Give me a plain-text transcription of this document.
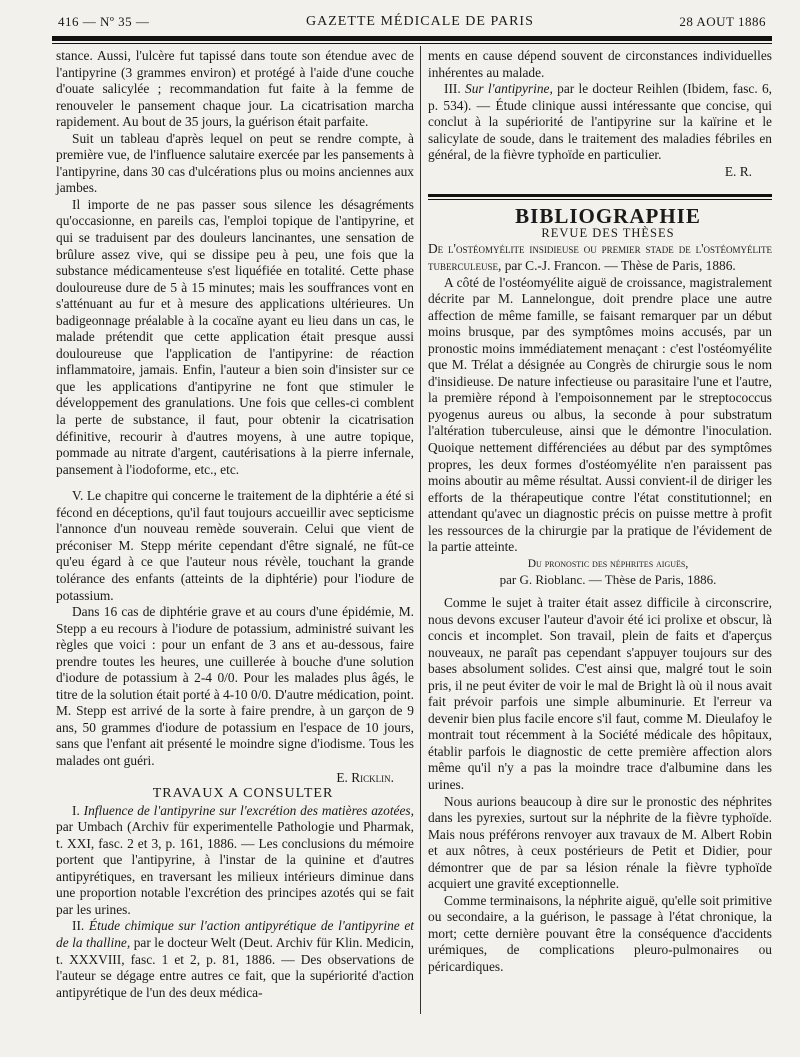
416 — Nº 35 —	GAZETTE MÉDICALE DE PARIS	28 AOUT 1886

stance. Aussi, l'ulcère fut tapissé dans toute son étendue avec de l'antipyrine (3 grammes environ) et protégé à l'aide d'une couche d'ouate salicylée ; recommandation fut faite à la femme de renouveler le pansement chaque jour. La cicatrisation marcha rapidement. Au bout de 35 jours, la guérison était parfaite.

Suit un tableau d'après lequel on peut se rendre compte, à première vue, de l'influence salutaire exercée par les pansements à l'antipyrine, dans 30 cas d'ulcérations plus ou moins anciennes aux jambes.

Il importe de ne pas passer sous silence les désagréments qu'occasionne, en pareils cas, l'emploi topique de l'antipyrine, et qui se traduisent par des douleurs lancinantes, une sensation de brûlure assez vive, qui se dissipe peu à peu, une fois que la substance médicamenteuse s'est liquéfiée en totalité. Cette phase douloureuse dure de 5 à 15 minutes; mais les souffrances vont en s'atténuant au fur et à mesure des applications ultérieures. Un badigeonnage préalable à la cocaïne ayant eu lieu dans un cas, le malade prétendit que cette application était presque aussi douloureuse que l'application de l'antipyrine: de réaction inflammatoire, jamais. Enfin, l'auteur a bien soin d'insister sur ce que les applications d'antipyrine ne font que stimuler le développement des granulations. Une fois que celles-ci comblent la perte de substance, il faut, pour obtenir la cicatrisation définitive, recourir à d'autres moyens, à une autre topique, pommade au nitrate d'argent, cautérisations à la pierre infernale, pansement à l'iodoforme, etc., etc.

V. Le chapitre qui concerne le traitement de la diphtérie a été si fécond en déceptions, qu'il faut toujours accueillir avec septicisme l'annonce d'un nouveau remède souverain. Celui que vient de préconiser M. Stepp mérite cependant d'être signalé, ne fût-ce qu'eu égard à ce que l'auteur nous révèle, touchant la grande tolérance des enfants (atteints de la diphtérie) pour l'iodure de potassium.

Dans 16 cas de diphtérie grave et au cours d'une épidémie, M. Stepp a eu recours à l'iodure de potassium, administré suivant les règles que voici : pour un enfant de 3 ans et au-dessous, faire prendre toutes les heures, une cuillerée à bouche d'une solution d'iodure de potassium à 2-4 0/0. Pour les malades plus âgés, le titre de la solution était porté à 4-10 0/0. D'autre médication, point. M. Stepp est arrivé de la sorte à faire prendre, à un garçon de 9 ans, 50 grammes d'iodure de potassium en l'espace de 10 jours, sans que l'enfant ait présenté le moindre signe d'iodisme. Tous les malades ont guéri.

E. Ricklin.

TRAVAUX A CONSULTER

I. Influence de l'antipyrine sur l'excrétion des matières azotées, par Umbach (Archiv für experimentelle Pathologie und Pharmak, t. XXI, fasc. 2 et 3, p. 161, 1886. — Les conclusions du mémoire portent que l'antipyrine, à l'instar de la quinine et d'autres antipyrétiques, en traversant les milieux intérieurs diminue dans une proportion notable l'excrétion des principes azotés qui se fait par les urines.

II. Étude chimique sur l'action antipyrétique de l'antipyrine et de la thalline, par le docteur Welt (Deut. Archiv für Klin. Medicin, t. XXXVIII, fasc. 1 et 2, p. 81, 1886. — Des observations de l'auteur se dégage entre autres ce fait, que la supériorité d'action antipyrétique de l'un des deux médica-

ments en cause dépend souvent de circonstances individuelles inhérentes au malade.

III. Sur l'antipyrine, par le docteur Reihlen (Ibidem, fasc. 6, p. 534). — Étude clinique aussi intéressante que concise, qui conclut à la supériorité de l'antipyrine sur la kaïrine et le salicylate de soude, dans le traitement des maladies fébriles en général, de la fièvre typhoïde en particulier.

E. R.

BIBLIOGRAPHIE

REVUE DES THÈSES

De l'ostéomyélite insidieuse ou premier stade de l'ostéomyélite tuberculeuse, par C.-J. Francon. — Thèse de Paris, 1886.

A côté de l'ostéomyélite aiguë de croissance, magistralement décrite par M. Lannelongue, doit prendre place une autre affection de même famille, se faisant remarquer par un début moins brusque, par des symptômes moins accusés, par un pronostic moins immédiatement menaçant : c'est l'ostéomyélite que M. Trélat a désignée au Congrès de chirurgie sous le nom d'insidieuse. De nature infectieuse ou parasitaire l'une et l'autre, la première répond à l'empoisonnement par le streptococcus pyogenus aureus ou albus, la seconde à pour substratum l'altération tuberculeuse, ainsi que le démontre l'inoculation. Quoique nettement différenciées au début par des symptômes propres, les deux formes d'ostéomyélite n'en paraissent pas moins aboutir au même résultat. Aussi convient-il de diriger les efforts de la thérapeutique contre l'état constitutionnel; en attendant qu'avec un diagnostic précis on puisse mettre à profit les ressources de la chirurgie par la pratique de l'évidement de la partie atteinte.

Du pronostic des néphrites aiguës,

par G. Rioblanc. — Thèse de Paris, 1886.

Comme le sujet à traiter était assez difficile à circonscrire, nous devons excuser l'auteur d'avoir été ici prolixe et obscur, là concis et incomplet. Son travail, plein de faits et d'aperçus nouveaux, ne paraît pas cependant s'appuyer toujours sur des bases absolument solides. C'est ainsi que, malgré tout le soin pris, il ne peut éviter de voir le mal de Bright là où il nous avait fait prévoir parfois une simple albuminurie. Et l'erreur va devenir bien plus facile encore s'il faut, comme M. Dieulafoy le montrait tout récemment à la Société médicale des hôpitaux, établir parfois le diagnostic de cette première affection alors même qu'il n'y a pas la moindre trace d'albumine dans les urines.

Nous aurions beaucoup à dire sur le pronostic des néphrites dans les pyrexies, surtout sur la néphrite de la fièvre typhoïde. Mais nous préférons renvoyer aux travaux de M. Albert Robin et aux nôtres, à ceux postérieurs de Petit et Didier, pour démontrer que de par sa lésion rénale la fièvre typhoïde acquiert une gravité exceptionnelle.

Comme terminaisons, la néphrite aiguë, qu'elle soit primitive ou secondaire, a la guérison, le passage à l'état chronique, la mort; cette dernière pouvant être la conséquence d'accidents urémiques, de complications pleuro-pulmonaires ou péricardiques.
